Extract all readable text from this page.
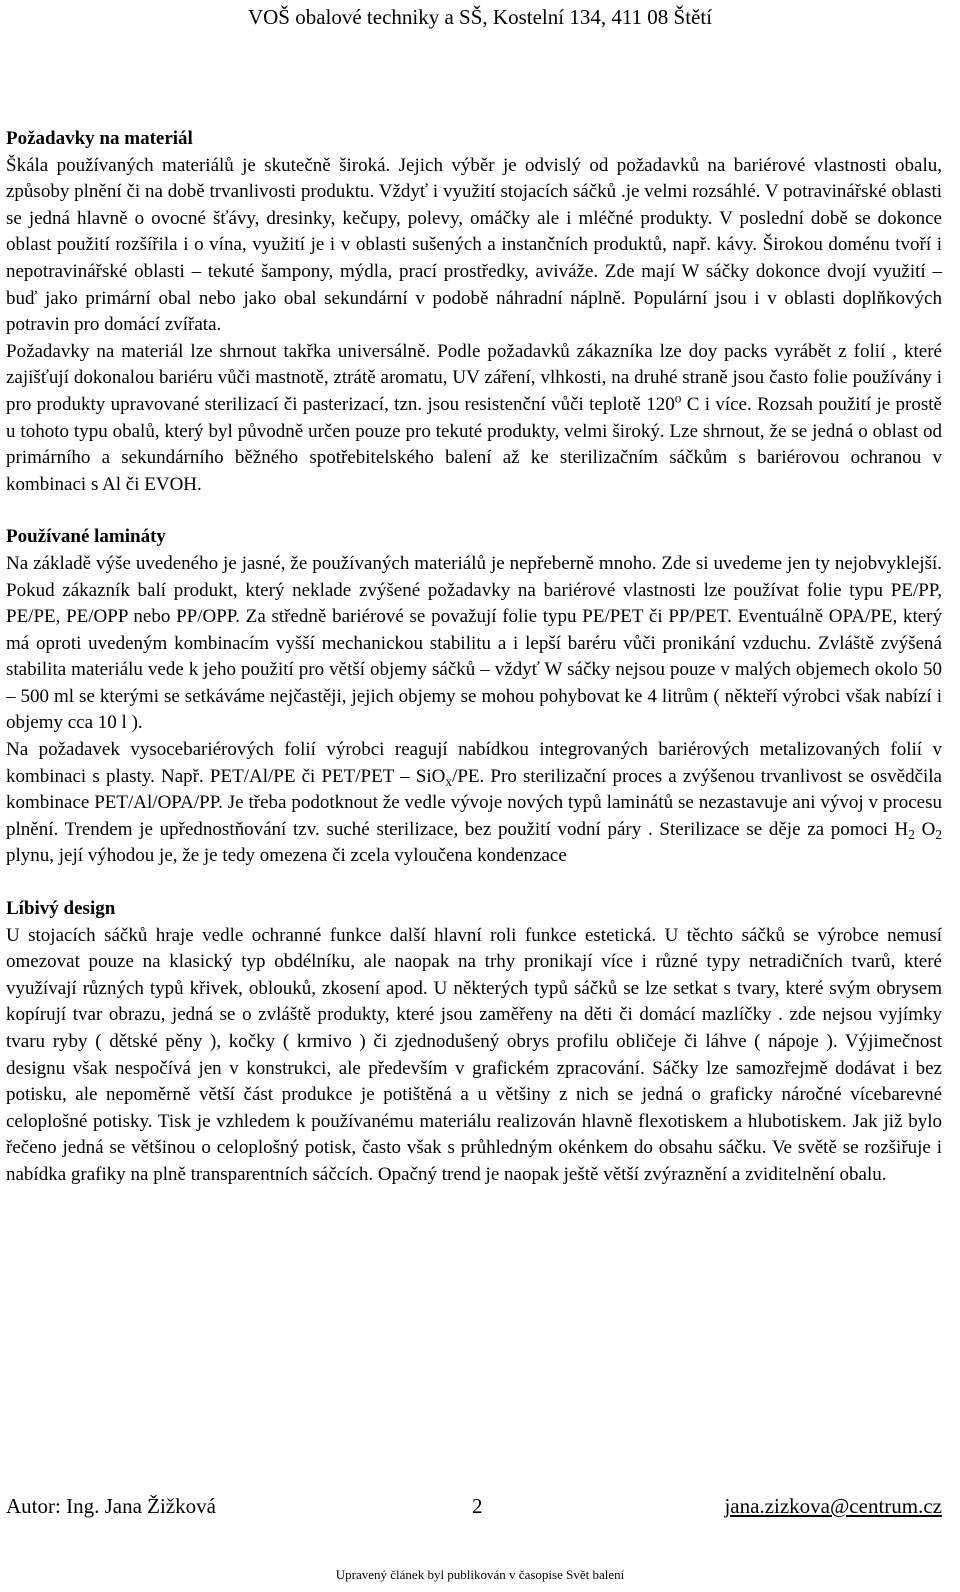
VOŠ obalové techniky a SŠ, Kostelní 134, 411 08 Štětí
Požadavky na materiál
Škála používaných materiálů je skutečně široká. Jejich výběr je odvislý od požadavků na bariérové vlastnosti obalu, způsoby plnění či na době trvanlivosti produktu. Vždyť i využití stojacích sáčků .je velmi rozsáhlé. V potravinářské oblasti se jedná hlavně o ovocné šťávy, dresinky, kečupy, polevy, omáčky ale i mléčné produkty. V poslední době se dokonce oblast použití rozšířila i o vína, využití je i v oblasti sušených a instančních produktů, např. kávy. Širokou doménu tvoří i nepotravinářské oblasti – tekuté šampony, mýdla, prací prostředky, aviváže. Zde mají W sáčky dokonce dvojí využití – buď jako primární obal nebo jako obal sekundární v podobě náhradní náplně. Populární jsou i v oblasti doplňkových potravin pro domácí zvířata.
Požadavky na materiál lze shrnout takřka universálně. Podle požadavků zákazníka lze doy packs vyrábět z folií , které zajišťují dokonalou bariéru vůči mastnotě, ztrátě aromatu, UV záření, vlhkosti, na druhé straně jsou často folie používány i pro produkty upravované sterilizací či pasterizací, tzn. jsou resistenční vůči teplotě 120$^o$ C i více. Rozsah použití je prostě u tohoto typu obalů, který byl původně určen pouze pro tekuté produkty, velmi široký. Lze shrnout, že se jedná o oblast od primárního a sekundárního běžného spotřebitelského balení až ke sterilizačním sáčkům s bariérovou ochranou v kombinaci s Al či EVOH.
Používané lamináty
Na základě výše uvedeného je jasné, že používaných materiálů je nepřeberně mnoho. Zde si uvedeme jen ty nejobvyklejší. Pokud zákazník balí produkt, který neklade zvýšené požadavky na bariérové vlastnosti lze používat folie typu PE/PP, PE/PE, PE/OPP nebo PP/OPP. Za středně bariérové se považují folie typu PE/PET či PP/PET. Eventuálně OPA/PE, který má oproti uvedeným kombinacím vyšší mechanickou stabilitu a i lepší baréru vůči pronikání vzduchu. Zvláště zvýšená stabilita materiálu vede k jeho použití pro větší objemy sáčků – vždyť W sáčky nejsou pouze v malých objemech okolo 50 – 500 ml se kterými se setkáváme nejčastěji, jejich objemy se mohou pohybovat ke 4 litrům ( někteří výrobci však nabízí i objemy cca 10 l ).
Na požadavek vysocebariérových folií výrobci reagují nabídkou integrovaných bariérových metalizovaných folií v kombinaci s plasty. Např. PET/Al/PE či PET/PET – SiO$_x$/PE. Pro sterilizační proces a zvýšenou trvanlivost se osvědčila kombinace PET/Al/OPA/PP. Je třeba podotknout že vedle vývoje nových typů laminátů se nezastavuje ani vývoj v procesu plnění. Trendem je upřednostňování tzv. suché sterilizace, bez použití vodní páry . Sterilizace se děje za pomoci $H_2$ $O_2$ plynu, její výhodou je, že je tedy omezena či zcela vyloučena kondenzace
Líbivý design
U stojacích sáčků hraje vedle ochranné funkce další hlavní roli funkce estetická. U těchto sáčků se výrobce nemusí omezovat pouze na klasický typ obdélníku, ale naopak na trhy pronikají více i různé typy netradičních tvarů, které využívají různých typů křivek, oblouků, zkosení apod. U některých typů sáčků se lze setkat s tvary, které svým obrysem kopírují tvar obrazu, jedná se o zvláště produkty, které jsou zaměřeny na děti či domácí mazlíčky . zde nejsou vyjímky tvaru ryby ( dětské pěny ), kočky ( krmivo ) či zjednodušený obrys profilu obličeje či láhve ( nápoje ). Výjimečnost designu však nespočívá jen v konstrukci, ale především v grafickém zpracování. Sáčky lze samozřejmě dodávat i bez potisku, ale nepoměrně větší část produkce je potištěná a u většiny z nich se jedná o graficky náročné vícebarevné celoplošné potisky. Tisk je vzhledem k používanému materiálu realizován hlavně flexotiskem a hlubotiskem. Jak již bylo řečeno jedná se většinou o celoplošný potisk, často však s průhledným okénkem do obsahu sáčku. Ve světě se rozšiřuje i nabídka grafiky na plně transparentních sáčcích. Opačný trend je naopak ještě větší zvýraznění a zviditelnění obalu.
Autor: Ing. Jana Žižková	2	jana.zizkova@centrum.cz
Upravený článek byl publikován v časopise Svět balení
